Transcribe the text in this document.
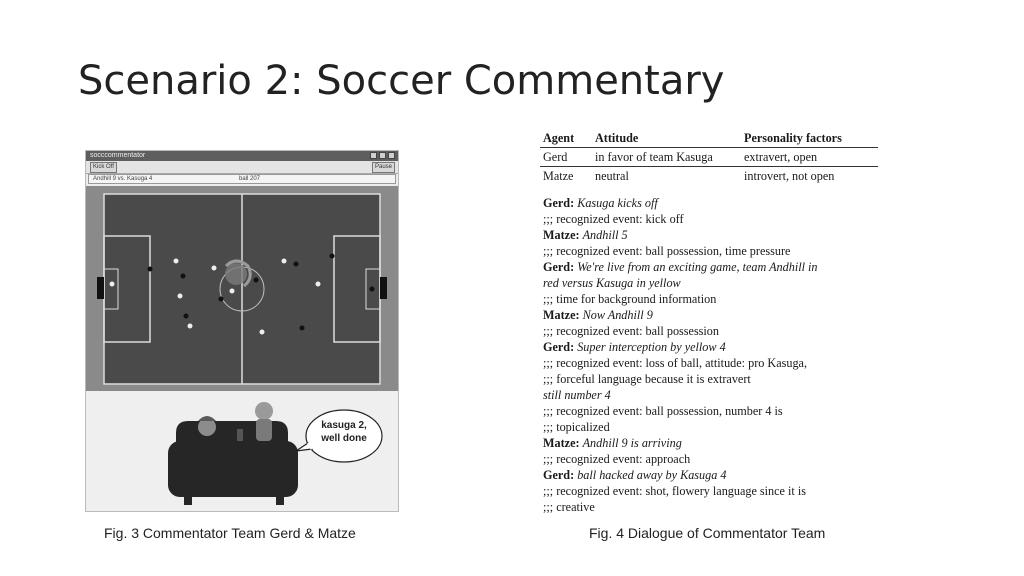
Scenario 2: Soccer Commentary
socccommentator
Kick Off	Pause
Andhill 9 vs. Kasuga 4	ball 207
kasuga 2, well done
Agent Attitude	Personality factors
Gerd in favor of team Kasuga	extravert, open
Matze neutral	introvert, not open
Gerd: Kasuga kicks off
;;; recognized event: kick off
Matze: Andhill 5
;;; recognized event: ball possession, time pressure
Gerd: We're live from an exciting game, team Andhill in
red versus Kasuga in yellow
;;; time for background information
Matze: Now Andhill 9
;;; recognized event: ball possession
Gerd: Super interception by yellow 4
;;; recognized event: loss of ball, attitude: pro Kasuga,
;;; forceful language because it is extravert
still number 4
;;; recognized event: ball possession, number 4 is
;;; topicalized
Matze: Andhill 9 is arriving
;;; recognized event: approach
Gerd: ball hacked away by Kasuga 4
;;; recognized event: shot, flowery language since it is
;;; creative
Fig. 3 Commentator Team Gerd & Matze	Fig. 4 Dialogue of Commentator Team
